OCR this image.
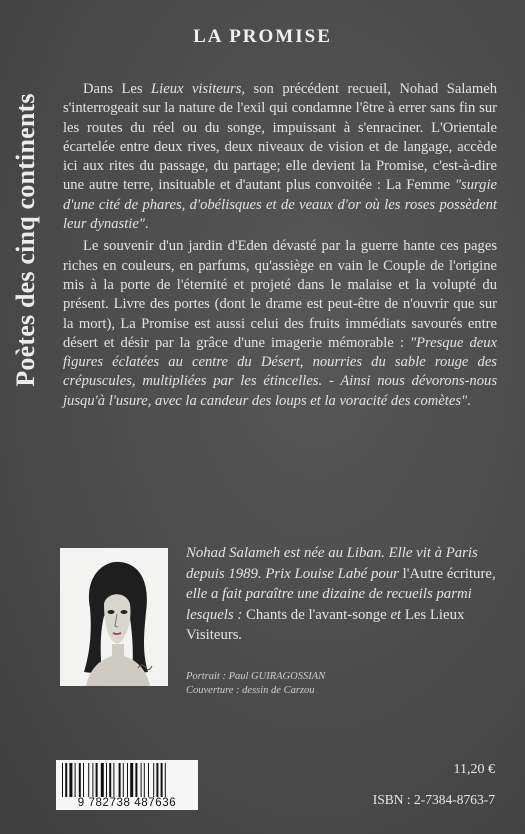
Poètes des cinq continents
LA PROMISE

Dans Les Lieux visiteurs, son précédent recueil, Nohad Salameh s'interrogeait sur la nature de l'exil qui condamne l'être à errer sans fin sur les routes du réel ou du songe, impuissant à s'enraciner. L'Orientale écartelée entre deux rives, deux niveaux de vision et de langage, accède ici aux rites du passage, du partage; elle devient la Promise, c'est-à-dire une autre terre, insituable et d'autant plus convoitée : La Femme "surgie d'une cité de phares, d'obélisques et de veaux d'or où les roses possèdent leur dynastie".

Le souvenir d'un jardin d'Eden dévasté par la guerre hante ces pages riches en couleurs, en parfums, qu'assiège en vain le Couple de l'origine mis à la porte de l'éternité et projeté dans le malaise et la volupté du présent. Livre des portes (dont le drame est peut-être de n'ouvrir que sur la mort), La Promise est aussi celui des fruits immédiats savourés entre désert et désir par la grâce d'une imagerie mémorable : "Presque deux figures éclatées au centre du Désert, nourries du sable rouge des crépuscules, multipliées par les étincelles. - Ainsi nous dévorons-nous jusqu'à l'usure, avec la candeur des loups et la voracité des comètes".

Nohad Salameh est née au Liban. Elle vit à Paris depuis 1989. Prix Louise Labé pour l'Autre écriture, elle a fait paraître une dizaine de recueils parmi lesquels : Chants de l'avant-songe et Les Lieux Visiteurs.
Portrait : Paul GUIRAGOSSIAN
Couverture : dessin de Carzou
9 782738 487636
11,20 €
ISBN : 2-7384-8763-7
